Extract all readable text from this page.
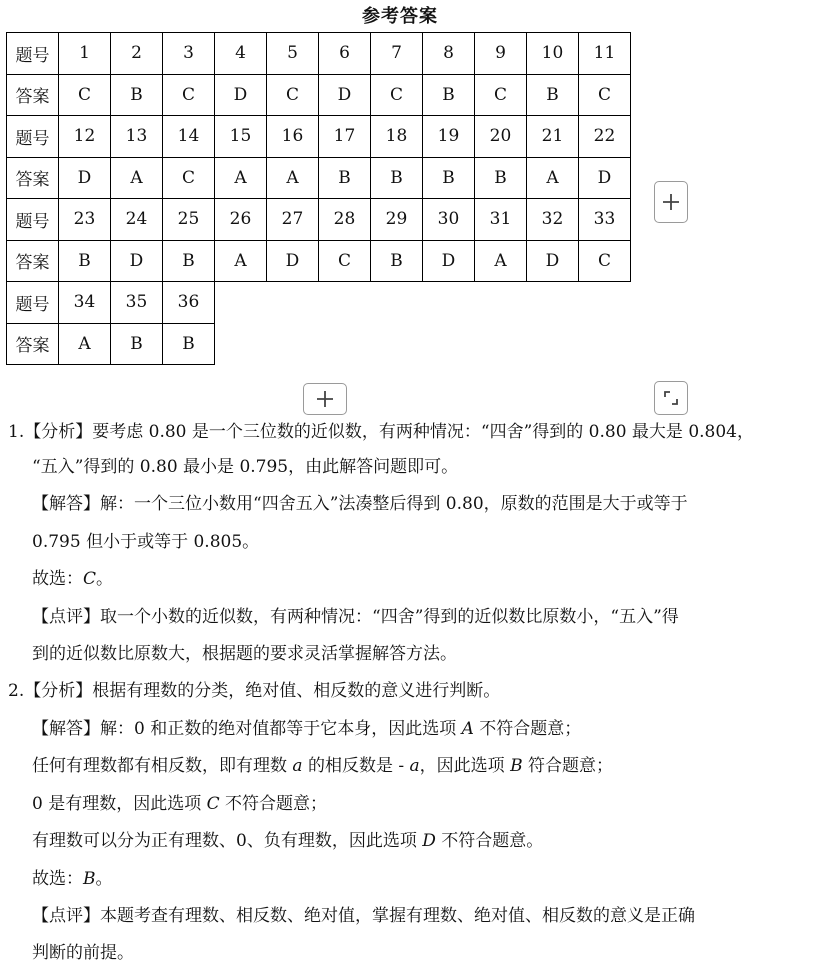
参考答案
题号	1	2	3	4	5	6	7	8	9	10	11
答案	C	B	C	D	C	D	C	B	C	B	C
题号	12	13	14	15	16	17	18	19	20	21	22
答案	D	A	C	A	A	B	B	B	B	A	D
题号	23	24	25	26	27	28	29	30	31	32	33
答案	B	D	B	A	D	C	B	D	A	D	C
题号	34	35	36								
答案	A	B	B								
1.【分析】要考虑 0.80 是一个三位数的近似数，有两种情况：“四舍”得到的 0.80 最大是 0.804，
“五入”得到的 0.80 最小是 0.795，由此解答问题即可。
【解答】解：一个三位小数用“四舍五入”法凑整后得到 0.80，原数的范围是大于或等于
0.795 但小于或等于 0.805。
故选：C。
【点评】取一个小数的近似数，有两种情况：“四舍”得到的近似数比原数小，“五入”得
到的近似数比原数大，根据题的要求灵活掌握解答方法。
2.【分析】根据有理数的分类，绝对值、相反数的意义进行判断。
【解答】解：0 和正数的绝对值都等于它本身，因此选项 A 不符合题意；
任何有理数都有相反数，即有理数 a 的相反数是 - a，因此选项 B 符合题意；
0 是有理数，因此选项 C 不符合题意；
有理数可以分为正有理数、0、负有理数，因此选项 D 不符合题意。
故选：B。
【点评】本题考查有理数、相反数、绝对值，掌握有理数、绝对值、相反数的意义是正确
判断的前提。
